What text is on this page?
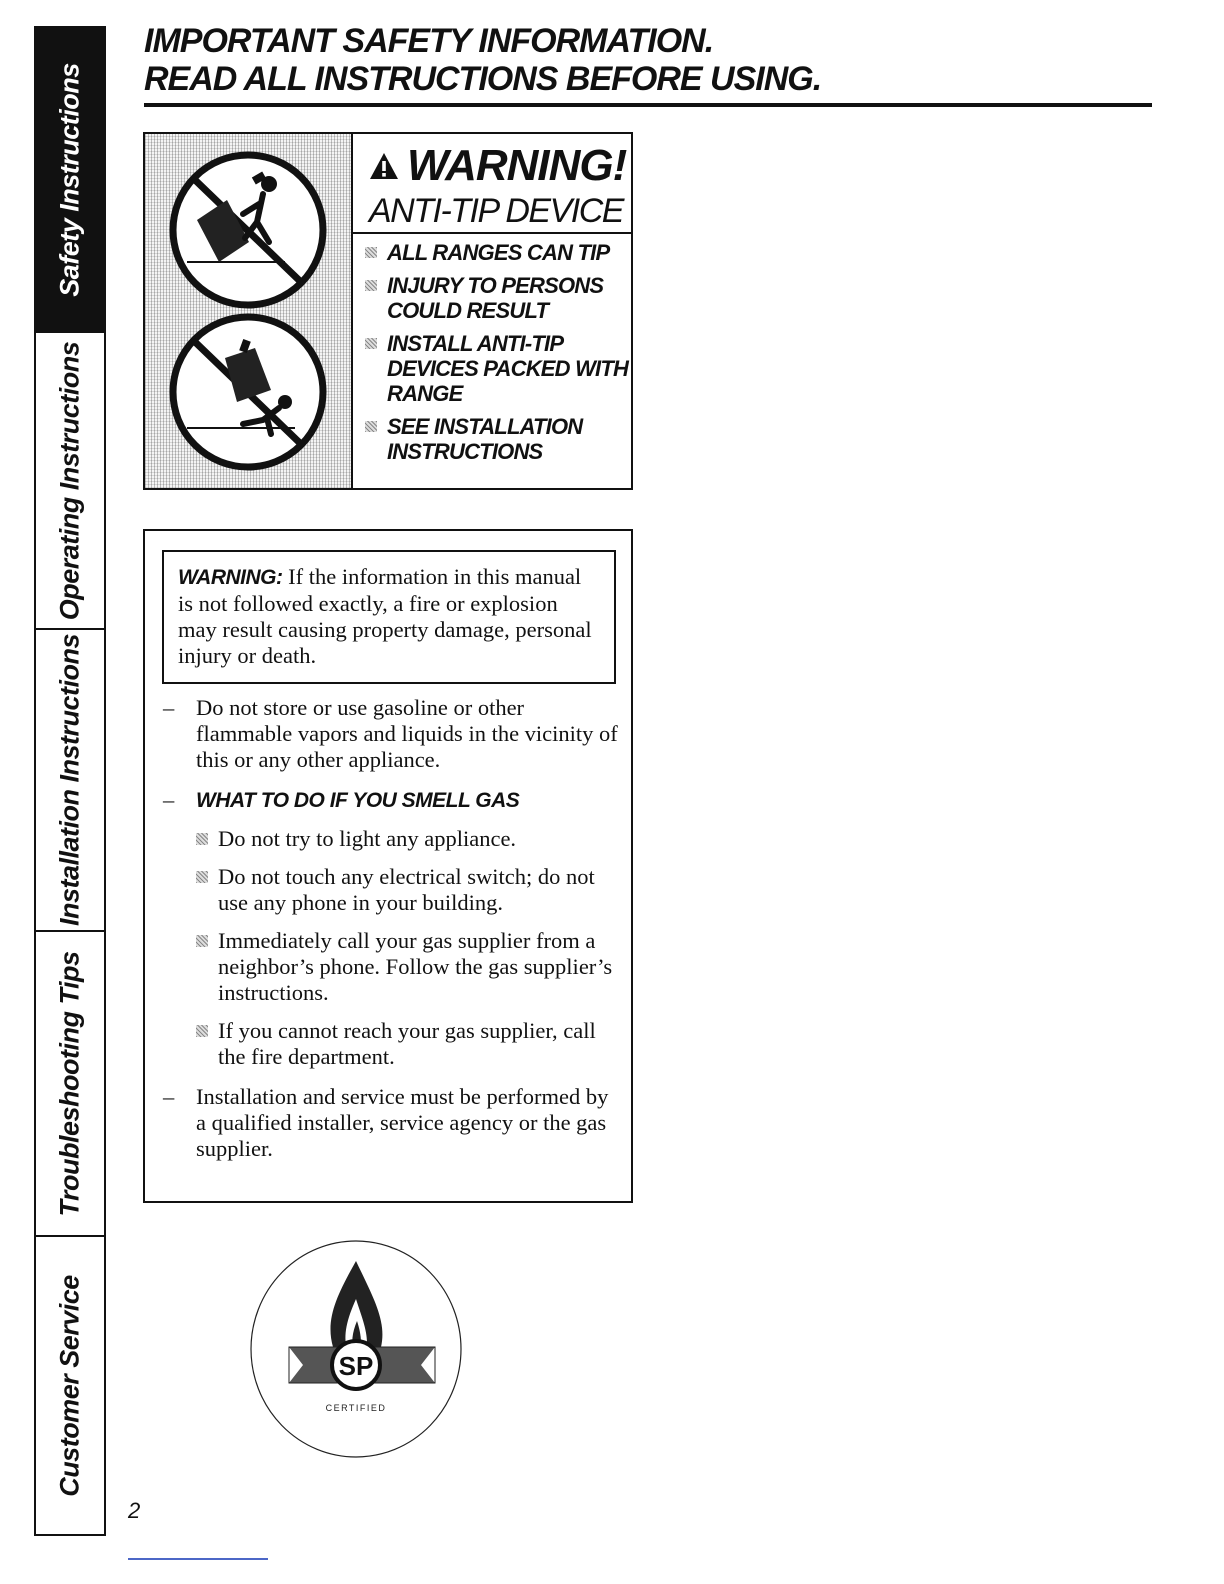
Safety Instructions
Operating Instructions
Installation Instructions
Troubleshooting Tips
Customer Service
IMPORTANT SAFETY INFORMATION.
READ ALL INSTRUCTIONS BEFORE USING.
WARNING!
ANTI-TIP DEVICE
ALL RANGES CAN TIP
INJURY TO PERSONS COULD RESULT
INSTALL ANTI-TIP DEVICES PACKED WITH RANGE
SEE INSTALLATION INSTRUCTIONS
WARNING: If the information in this manual is not followed exactly, a fire or explosion may result causing property damage, personal injury or death.
– Do not store or use gasoline or other flammable vapors and liquids in the vicinity of this or any other appliance.
– WHAT TO DO IF YOU SMELL GAS
Do not try to light any appliance.
Do not touch any electrical switch; do not use any phone in your building.
Immediately call your gas supplier from a neighbor’s phone. Follow the gas supplier’s instructions.
If you cannot reach your gas supplier, call the fire department.
– Installation and service must be performed by a qualified installer, service agency or the gas supplier.
SP
CERTIFIED
2
